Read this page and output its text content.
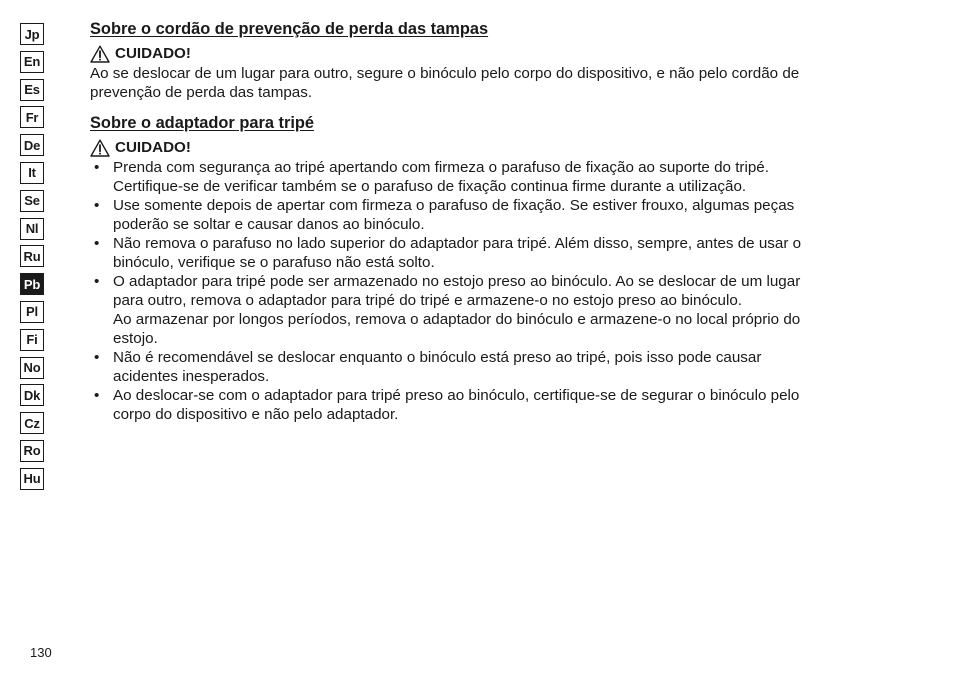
Jp
En
Es
Fr
De
It
Se
Nl
Ru
Pb
Pl
Fi
No
Dk
Cz
Ro
Hu
Sobre o cordão de prevenção de perda das tampas
CUIDADO!

Ao se deslocar de um lugar para outro, segure o binóculo pelo corpo do dispositivo, e não pelo cordão de
prevenção de perda das tampas.

Sobre o adaptador para tripé
CUIDADO!
• Prenda com segurança ao tripé apertando com firmeza o parafuso de fixação ao suporte do tripé.
Certifique-se de verificar também se o parafuso de fixação continua firme durante a utilização.
• Use somente depois de apertar com firmeza o parafuso de fixação. Se estiver frouxo, algumas peças
poderão se soltar e causar danos ao binóculo.
• Não remova o parafuso no lado superior do adaptador para tripé. Além disso, sempre, antes de usar o
binóculo, verifique se o parafuso não está solto.
• O adaptador para tripé pode ser armazenado no estojo preso ao binóculo. Ao se deslocar de um lugar
para outro, remova o adaptador para tripé do tripé e armazene-o no estojo preso ao binóculo.
Ao armazenar por longos períodos, remova o adaptador do binóculo e armazene-o no local próprio do
estojo.
• Não é recomendável se deslocar enquanto o binóculo está preso ao tripé, pois isso pode causar
acidentes inesperados.
• Ao deslocar-se com o adaptador para tripé preso ao binóculo, certifique-se de segurar o binóculo pelo
corpo do dispositivo e não pelo adaptador.
130
